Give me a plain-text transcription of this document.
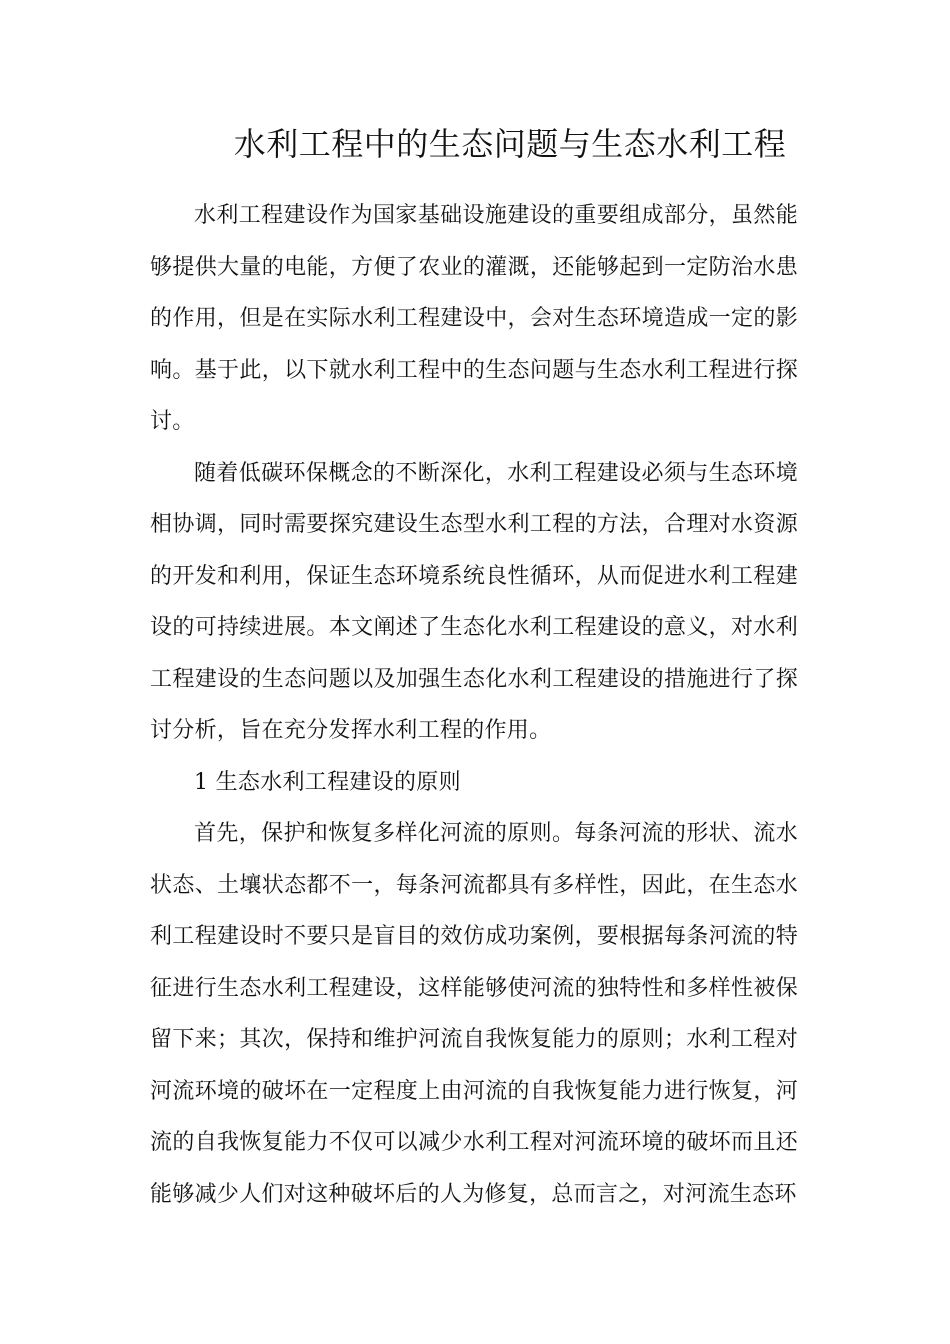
水利工程中的生态问题与生态水利工程

水利工程建设作为国家基础设施建设的重要组成部分，虽然能够提供大量的电能，方便了农业的灌溉，还能够起到一定防治水患的作用，但是在实际水利工程建设中，会对生态环境造成一定的影响。基于此，以下就水利工程中的生态问题与生态水利工程进行探讨。

随着低碳环保概念的不断深化，水利工程建设必须与生态环境相协调，同时需要探究建设生态型水利工程的方法，合理对水资源的开发和利用，保证生态环境系统良性循环，从而促进水利工程建设的可持续进展。本文阐述了生态化水利工程建设的意义，对水利工程建设的生态问题以及加强生态化水利工程建设的措施进行了探讨分析，旨在充分发挥水利工程的作用。

1 生态水利工程建设的原则

首先，保护和恢复多样化河流的原则。每条河流的形状、流水状态、土壤状态都不一，每条河流都具有多样性，因此，在生态水利工程建设时不要只是盲目的效仿成功案例，要根据每条河流的特征进行生态水利工程建设，这样能够使河流的独特性和多样性被保留下来；其次，保持和维护河流自我恢复能力的原则；水利工程对河流环境的破坏在一定程度上由河流的自我恢复能力进行恢复，河流的自我恢复能力不仅可以减少水利工程对河流环境的破坏而且还能够减少人们对这种破坏后的人为修复，总而言之，对河流生态环
